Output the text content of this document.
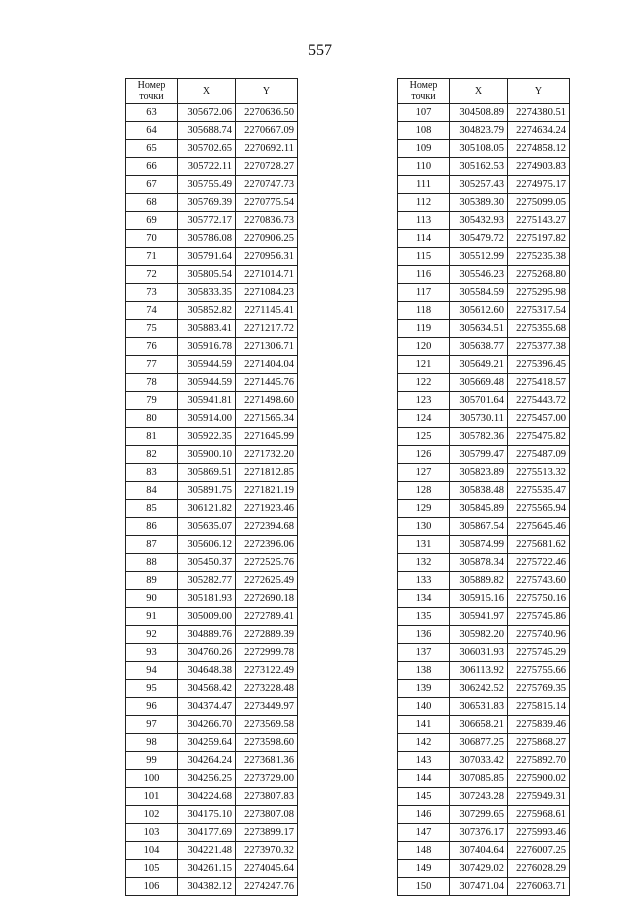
557
Номер
точки	X	Y
63	305672.06	2270636.50
64	305688.74	2270667.09
65	305702.65	2270692.11
66	305722.11	2270728.27
67	305755.49	2270747.73
68	305769.39	2270775.54
69	305772.17	2270836.73
70	305786.08	2270906.25
71	305791.64	2270956.31
72	305805.54	2271014.71
73	305833.35	2271084.23
74	305852.82	2271145.41
75	305883.41	2271217.72
76	305916.78	2271306.71
77	305944.59	2271404.04
78	305944.59	2271445.76
79	305941.81	2271498.60
80	305914.00	2271565.34
81	305922.35	2271645.99
82	305900.10	2271732.20
83	305869.51	2271812.85
84	305891.75	2271821.19
85	306121.82	2271923.46
86	305635.07	2272394.68
87	305606.12	2272396.06
88	305450.37	2272525.76
89	305282.77	2272625.49
90	305181.93	2272690.18
91	305009.00	2272789.41
92	304889.76	2272889.39
93	304760.26	2272999.78
94	304648.38	2273122.49
95	304568.42	2273228.48
96	304374.47	2273449.97
97	304266.70	2273569.58
98	304259.64	2273598.60
99	304264.24	2273681.36
100	304256.25	2273729.00
101	304224.68	2273807.83
102	304175.10	2273807.08
103	304177.69	2273899.17
104	304221.48	2273970.32
105	304261.15	2274045.64
106	304382.12	2274247.76
Номер
точки	X	Y
107	304508.89	2274380.51
108	304823.79	2274634.24
109	305108.05	2274858.12
110	305162.53	2274903.83
111	305257.43	2274975.17
112	305389.30	2275099.05
113	305432.93	2275143.27
114	305479.72	2275197.82
115	305512.99	2275235.38
116	305546.23	2275268.80
117	305584.59	2275295.98
118	305612.60	2275317.54
119	305634.51	2275355.68
120	305638.77	2275377.38
121	305649.21	2275396.45
122	305669.48	2275418.57
123	305701.64	2275443.72
124	305730.11	2275457.00
125	305782.36	2275475.82
126	305799.47	2275487.09
127	305823.89	2275513.32
128	305838.48	2275535.47
129	305845.89	2275565.94
130	305867.54	2275645.46
131	305874.99	2275681.62
132	305878.34	2275722.46
133	305889.82	2275743.60
134	305915.16	2275750.16
135	305941.97	2275745.86
136	305982.20	2275740.96
137	306031.93	2275745.29
138	306113.92	2275755.66
139	306242.52	2275769.35
140	306531.83	2275815.14
141	306658.21	2275839.46
142	306877.25	2275868.27
143	307033.42	2275892.70
144	307085.85	2275900.02
145	307243.28	2275949.31
146	307299.65	2275968.61
147	307376.17	2275993.46
148	307404.64	2276007.25
149	307429.02	2276028.29
150	307471.04	2276063.71
